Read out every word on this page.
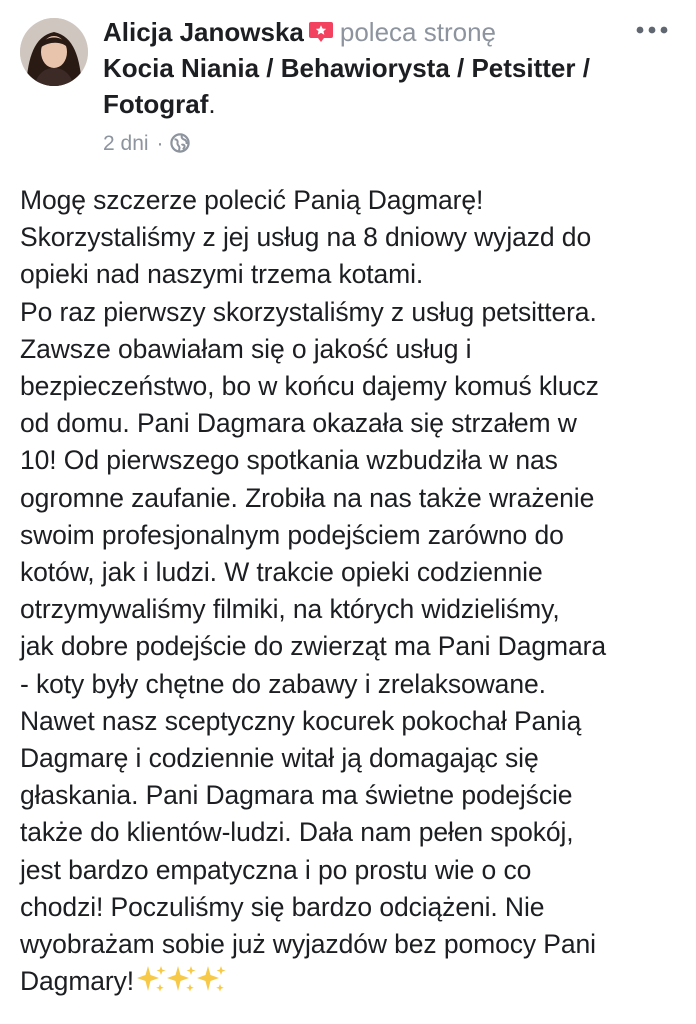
Alicja Janowska poleca stronę
Kocia Niania / Behawiorysta / Petsitter / Fotograf.
2 dni ·
Mogę szczerze polecić Panią Dagmarę!
Skorzystaliśmy z jej usług na 8 dniowy wyjazd do
opieki nad naszymi trzema kotami.
Po raz pierwszy skorzystaliśmy z usług petsittera.
Zawsze obawiałam się o jakość usług i
bezpieczeństwo, bo w końcu dajemy komuś klucz
od domu. Pani Dagmara okazała się strzałem w
10! Od pierwszego spotkania wzbudziła w nas
ogromne zaufanie. Zrobiła na nas także wrażenie
swoim profesjonalnym podejściem zarówno do
kotów, jak i ludzi. W trakcie opieki codziennie
otrzymywaliśmy filmiki, na których widzieliśmy,
jak dobre podejście do zwierząt ma Pani Dagmara
- koty były chętne do zabawy i zrelaksowane.
Nawet nasz sceptyczny kocurek pokochał Panią
Dagmarę i codziennie witał ją domagając się
głaskania. Pani Dagmara ma świetne podejście
także do klientów-ludzi. Dała nam pełen spokój,
jest bardzo empatyczna i po prostu wie o co
chodzi! Poczuliśmy się bardzo odciążeni. Nie
wyobrażam sobie już wyjazdów bez pomocy Pani
Dagmary!
